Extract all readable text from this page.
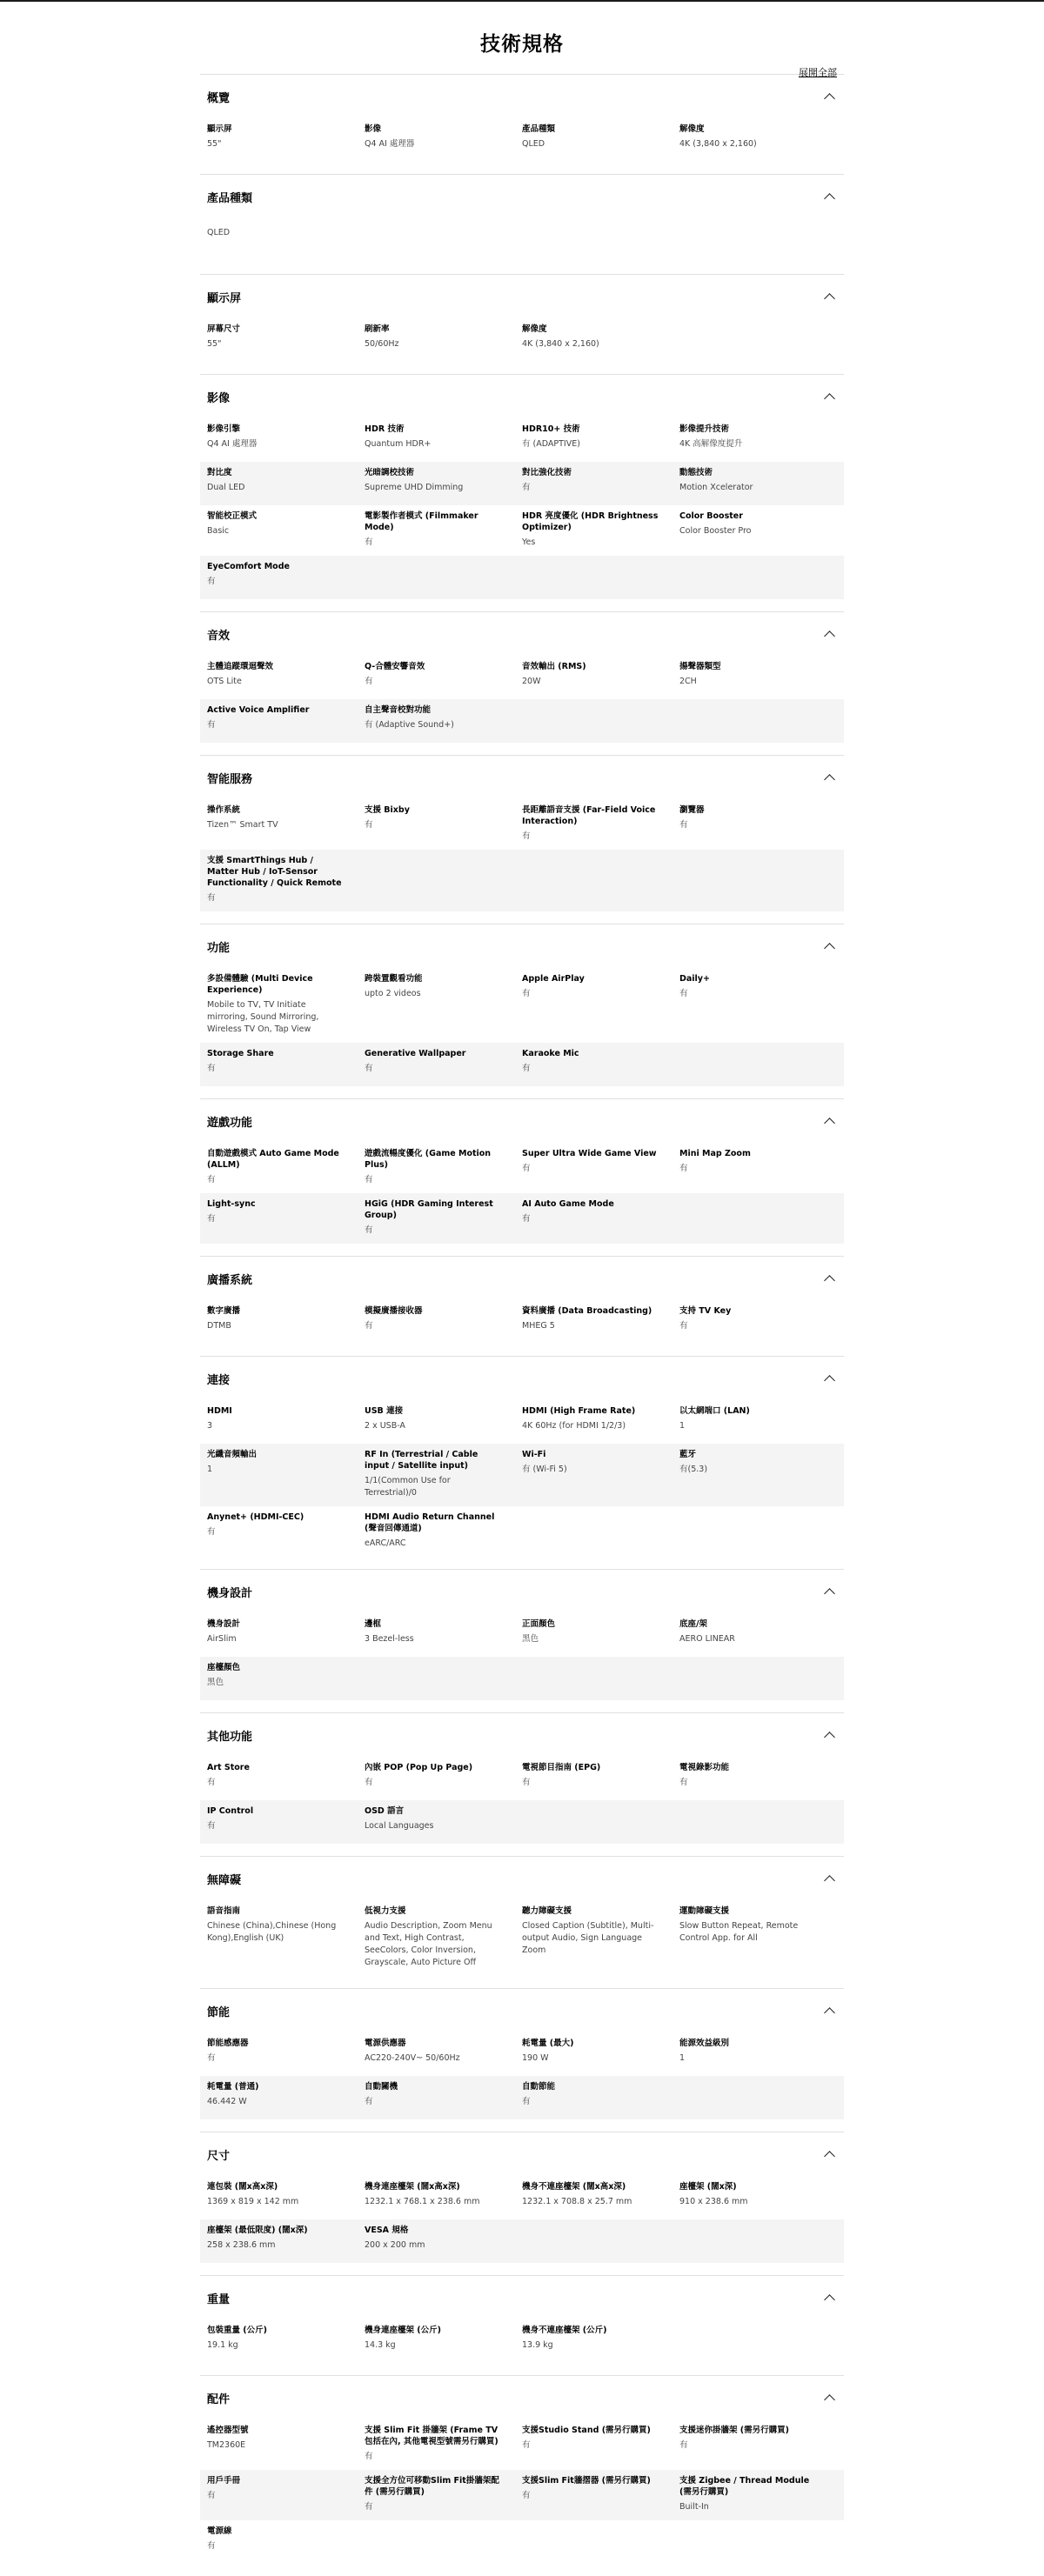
技術規格
展開全部
概覽
顯示屏
55"
影像
Q4 AI 處理器
產品種類
QLED
解像度
4K (3,840 x 2,160)
產品種類
QLED
顯示屏
屏幕尺寸
55"
刷新率
50/60Hz
解像度
4K (3,840 x 2,160)
影像
影像引擎
Q4 AI 處理器
HDR 技術
Quantum HDR+
HDR10+ 技術
有 (ADAPTIVE)
影像提升技術
4K 高解像度提升
對比度
Dual LED
光暗調校技術
Supreme UHD Dimming
對比強化技術
有
動態技術
Motion Xcelerator
智能校正模式
Basic
電影製作者模式 (Filmmaker Mode)
有
HDR 亮度優化 (HDR Brightness Optimizer)
Yes
Color Booster
Color Booster Pro
EyeComfort Mode
有
音效
主體追蹤環迴聲效
OTS Lite
Q-合體安響音效
有
音效輸出 (RMS)
20W
揚聲器類型
2CH
Active Voice Amplifier
有
自主聲音校對功能
有 (Adaptive Sound+)
智能服務
操作系統
Tizen™ Smart TV
支援 Bixby
有
長距離語音支援 (Far-Field Voice Interaction)
有
瀏覽器
有
支援 SmartThings Hub / Matter Hub / IoT-Sensor Functionality / Quick Remote
有
功能
多設備體驗 (Multi Device Experience)
Mobile to TV, TV Initiate mirroring, Sound Mirroring, Wireless TV On, Tap View
跨裝置觀看功能
upto 2 videos
Apple AirPlay
有
Daily+
有
Storage Share
有
Generative Wallpaper
有
Karaoke Mic
有
遊戲功能
自動遊戲模式 Auto Game Mode (ALLM)
有
遊戲流暢度優化 (Game Motion Plus)
有
Super Ultra Wide Game View
有
Mini Map Zoom
有
Light-sync
有
HGiG (HDR Gaming Interest Group)
有
AI Auto Game Mode
有
廣播系統
數字廣播
DTMB
模擬廣播接收器
有
資料廣播 (Data Broadcasting)
MHEG 5
支持 TV Key
有
連接
HDMI
3
USB 連接
2 x USB-A
HDMI (High Frame Rate)
4K 60Hz (for HDMI 1/2/3)
以太網端口 (LAN)
1
光纖音頻輸出
1
RF In (Terrestrial / Cable input / Satellite input)
1/1(Common Use for Terrestrial)/0
Wi-Fi
有 (Wi-Fi 5)
藍牙
有(5.3)
Anynet+ (HDMI-CEC)
有
HDMI Audio Return Channel (聲音回傳通道)
eARC/ARC
機身設計
機身設計
AirSlim
邊框
3 Bezel-less
正面顏色
黑色
底座/架
AERO LINEAR
座檯顏色
黑色
其他功能
Art Store
有
內嵌 POP (Pop Up Page)
有
電視節目指南 (EPG)
有
電視錄影功能
有
IP Control
有
OSD 語言
Local Languages
無障礙
語音指南
Chinese (China),Chinese (Hong Kong),English (UK)
低視力支援
Audio Description, Zoom Menu and Text, High Contrast, SeeColors, Color Inversion, Grayscale, Auto Picture Off
聽力障礙支援
Closed Caption (Subtitle), Multi-output Audio, Sign Language Zoom
運動障礙支援
Slow Button Repeat, Remote Control App. for All
節能
節能感應器
有
電源供應器
AC220-240V~ 50/60Hz
耗電量 (最大)
190 W
能源效益級別
1
耗電量 (普通)
46.442 W
自動關機
有
自動節能
有
尺寸
連包裝 (闊x高x深)
1369 x 819 x 142 mm
機身連座檯架 (闊x高x深)
1232.1 x 768.1 x 238.6 mm
機身不連座檯架 (闊x高x深)
1232.1 x 708.8 x 25.7 mm
座檯架 (闊x深)
910 x 238.6 mm
座檯架 (最低限度) (闊x深)
258 x 238.6 mm
VESA 規格
200 x 200 mm
重量
包裝重量 (公斤)
19.1 kg
機身連座檯架 (公斤)
14.3 kg
機身不連座檯架 (公斤)
13.9 kg
配件
遙控器型號
TM2360E
支援 Slim Fit 掛牆架 (Frame TV 包括在內, 其他電視型號需另行購買)
有
支援Studio Stand (需另行購買)
有
支援迷你掛牆架 (需另行購買)
有
用戶手冊
有
支援全方位可移動Slim Fit掛牆架配件 (需另行購買)
有
支援Slim Fit牆摺器 (需另行購買)
有
支援 Zigbee / Thread Module (需另行購買)
Built-In
電源線
有
